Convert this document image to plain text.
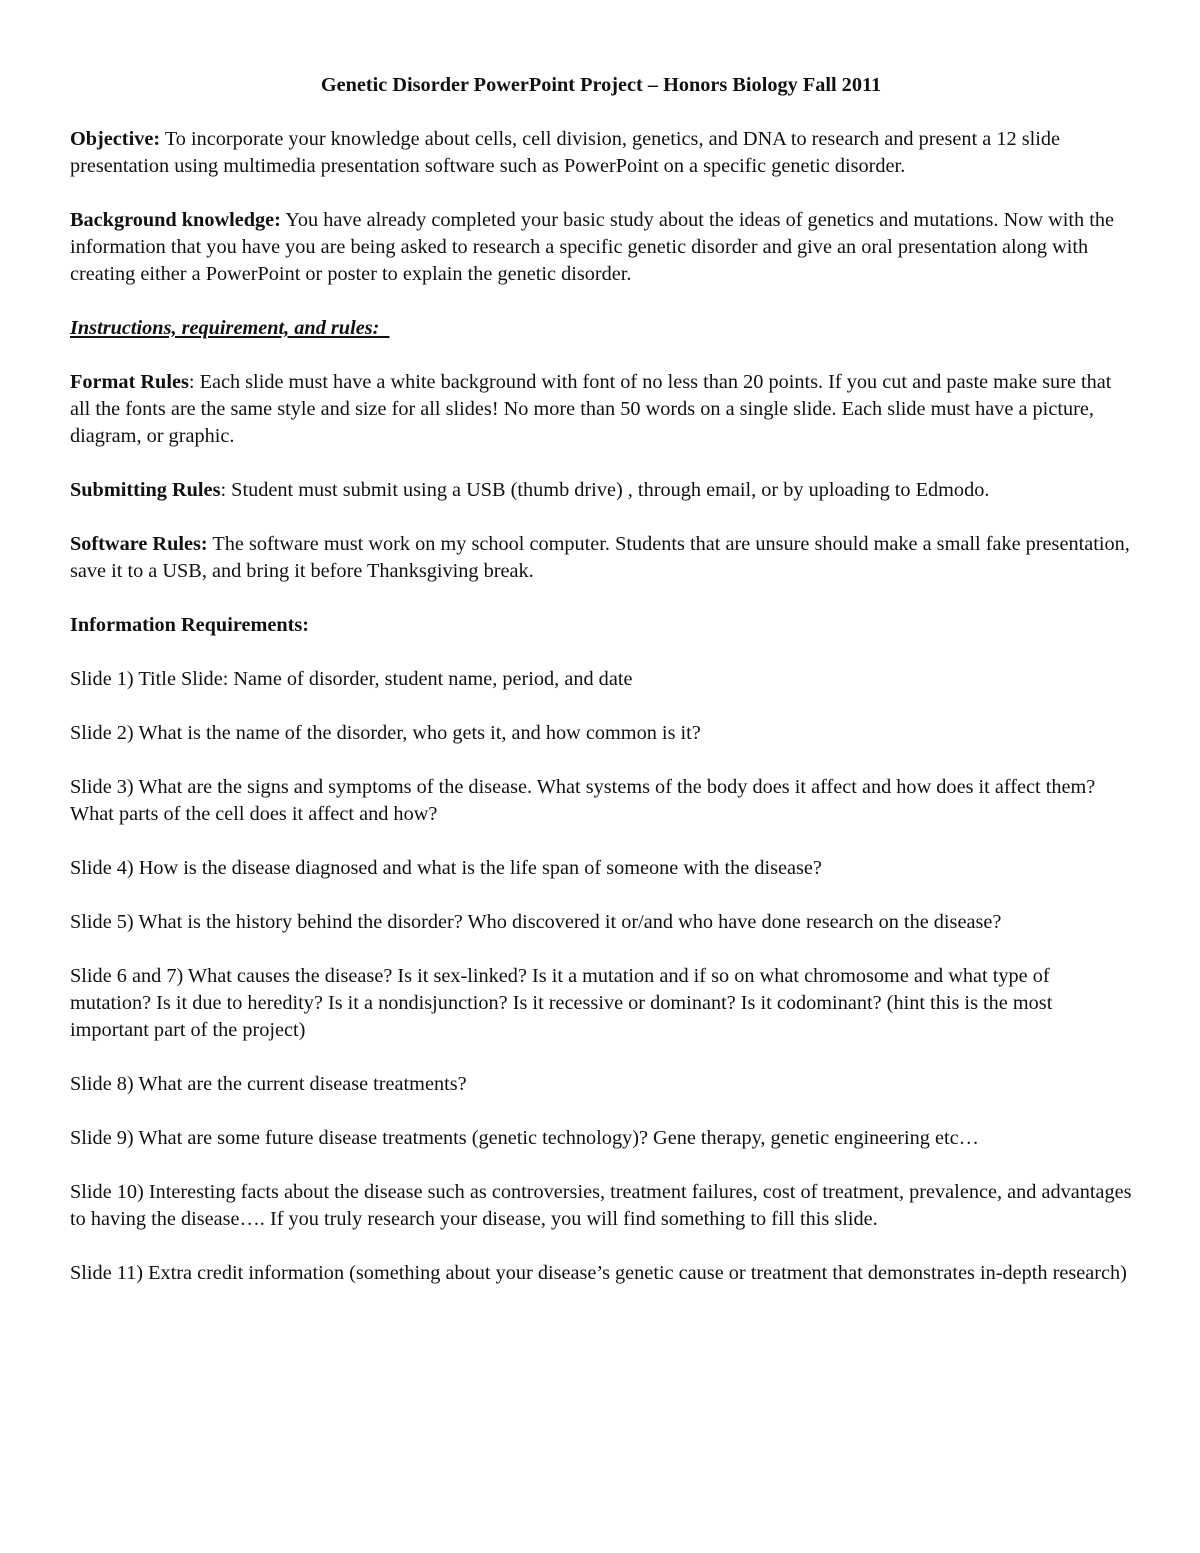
Genetic Disorder PowerPoint Project – Honors Biology Fall 2011
Objective: To incorporate your knowledge about cells, cell division, genetics, and DNA to research and present a 12 slide presentation using multimedia presentation software such as PowerPoint on a specific genetic disorder.
Background knowledge: You have already completed your basic study about the ideas of genetics and mutations. Now with the information that you have you are being asked to research a specific genetic disorder and give an oral presentation along with creating either a PowerPoint or poster to explain the genetic disorder.
Instructions, requirement, and rules:
Format Rules: Each slide must have a white background with font of no less than 20 points. If you cut and paste make sure that all the fonts are the same style and size for all slides! No more than 50 words on a single slide. Each slide must have a picture, diagram, or graphic.
Submitting Rules: Student must submit using a USB (thumb drive) , through email, or by uploading to Edmodo.
Software Rules: The software must work on my school computer. Students that are unsure should make a small fake presentation, save it to a USB, and bring it before Thanksgiving break.
Information Requirements:
Slide 1) Title Slide: Name of disorder, student name, period, and date
Slide 2) What is the name of the disorder, who gets it, and how common is it?
Slide 3) What are the signs and symptoms of the disease. What systems of the body does it affect and how does it affect them? What parts of the cell does it affect and how?
Slide 4) How is the disease diagnosed and what is the life span of someone with the disease?
Slide 5) What is the history behind the disorder? Who discovered it or/and who have done research on the disease?
Slide 6 and 7) What causes the disease? Is it sex-linked? Is it a mutation and if so on what chromosome and what type of mutation? Is it due to heredity? Is it a nondisjunction? Is it recessive or dominant? Is it codominant? (hint this is the most important part of the project)
Slide 8) What are the current disease treatments?
Slide 9) What are some future disease treatments (genetic technology)? Gene therapy, genetic engineering etc…
Slide 10) Interesting facts about the disease such as controversies, treatment failures, cost of treatment, prevalence, and advantages to having the disease…. If you truly research your disease, you will find something to fill this slide.
Slide 11) Extra credit information (something about your disease’s genetic cause or treatment that demonstrates in-depth research)
